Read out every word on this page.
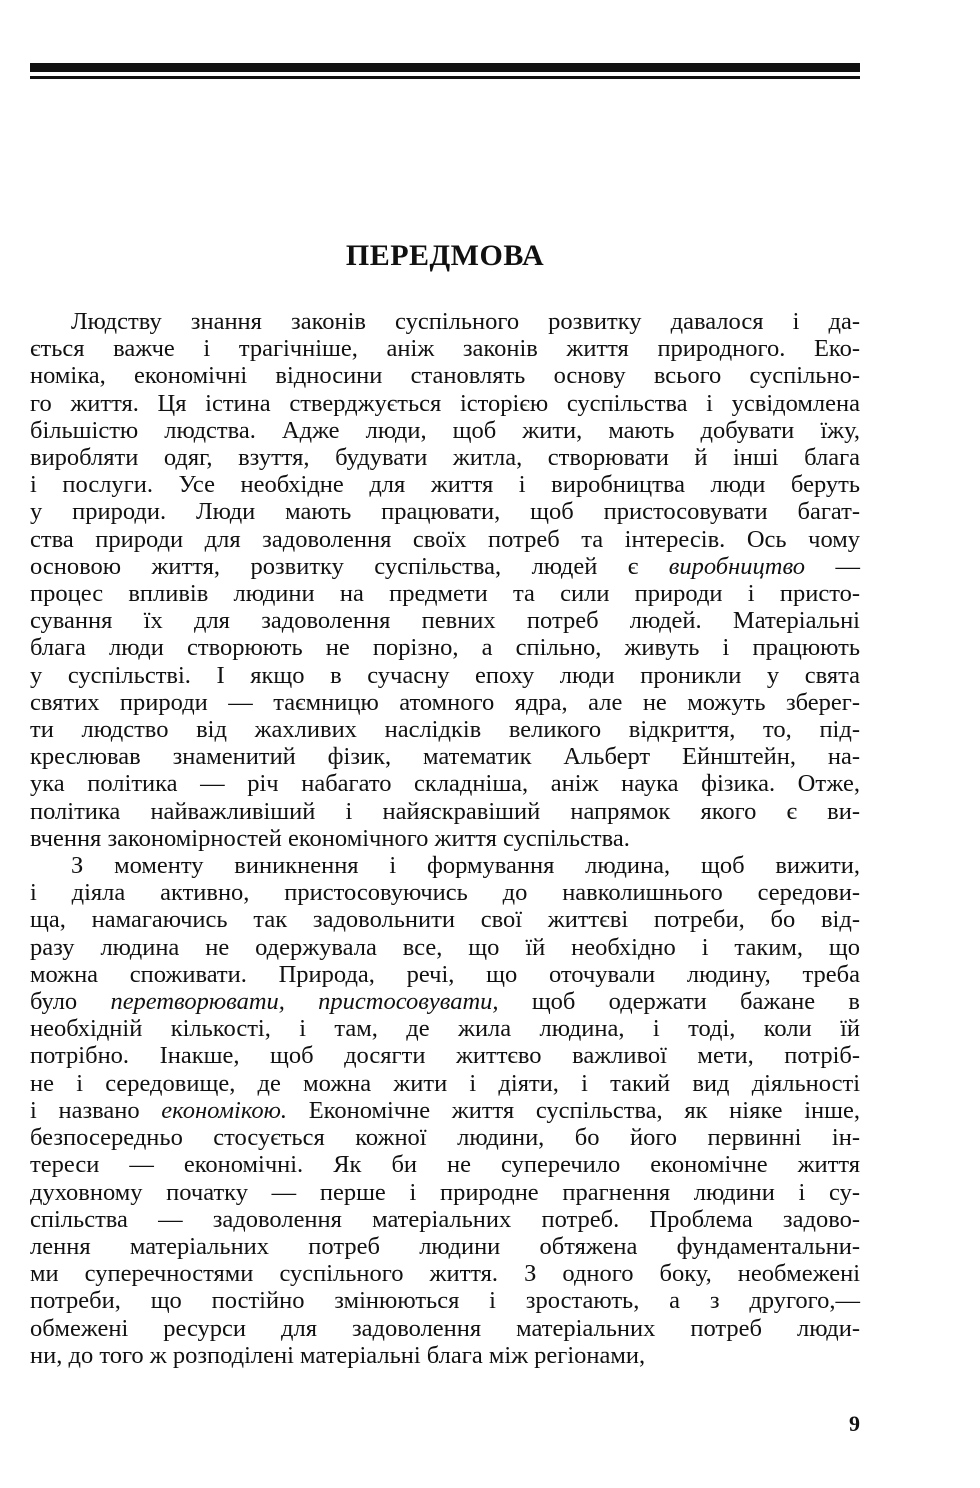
ПЕРЕДМОВА

Людству знання законів суспільного розвитку давалося і да-
ється важче і трагічніше, аніж законів життя природного. Еко-
номіка, економічні відносини становлять основу всього суспільно-
го життя. Ця істина стверджується історією суспільства і усвідомлена
більшістю людства. Адже люди, щоб жити, мають добувати їжу,
виробляти одяг, взуття, будувати житла, створювати й інші блага
і послуги. Усе необхідне для життя і виробництва люди беруть
у природи. Люди мають працювати, щоб пристосовувати багат-
ства природи для задоволення своїх потреб та інтересів. Ось чому
основою життя, розвитку суспільства, людей є виробництво —
процес впливів людини на предмети та сили природи і присто-
сування їх для задоволення певних потреб людей. Матеріальні
блага люди створюють не порізно, а спільно, живуть і працюють
у суспільстві. І якщо в сучасну епоху люди проникли у свята
святих природи — таємницю атомного ядра, але не можуть зберег-
ти людство від жахливих наслідків великого відкриття, то, під-
креслював знаменитий фізик, математик Альберт Ейнштейн, на-
ука політика — річ набагато складніша, аніж наука фізика. Отже,
політика найважливіший і найяскравіший напрямок якого є ви-
вчення закономірностей економічного життя суспільства.

З моменту виникнення і формування людина, щоб вижити,
і діяла активно, пристосовуючись до навколишнього середови-
ща, намагаючись так задовольнити свої життєві потреби, бо від-
разу людина не одержувала все, що їй необхідно і таким, що
можна споживати. Природа, речі, що оточували людину, треба
було перетворювати, пристосовувати, щоб одержати бажане в
необхідній кількості, і там, де жила людина, і тоді, коли їй
потрібно. Інакше, щоб досягти життєво важливої мети, потріб-
не і середовище, де можна жити і діяти, і такий вид діяльності
і названо економікою. Економічне життя суспільства, як ніяке інше,
безпосередньо стосується кожної людини, бо його первинні ін-
тереси — економічні. Як би не суперечило економічне життя
духовному початку — перше і природне прагнення людини і су-
спільства — задоволення матеріальних потреб. Проблема задово-
лення матеріальних потреб людини обтяжена фундаментальни-
ми суперечностями суспільного життя. З одного боку, необмежені
потреби, що постійно змінюються і зростають, а з другого,—
обмежені ресурси для задоволення матеріальних потреб люди-
ни, до того ж розподілені матеріальні блага між регіонами,

9
